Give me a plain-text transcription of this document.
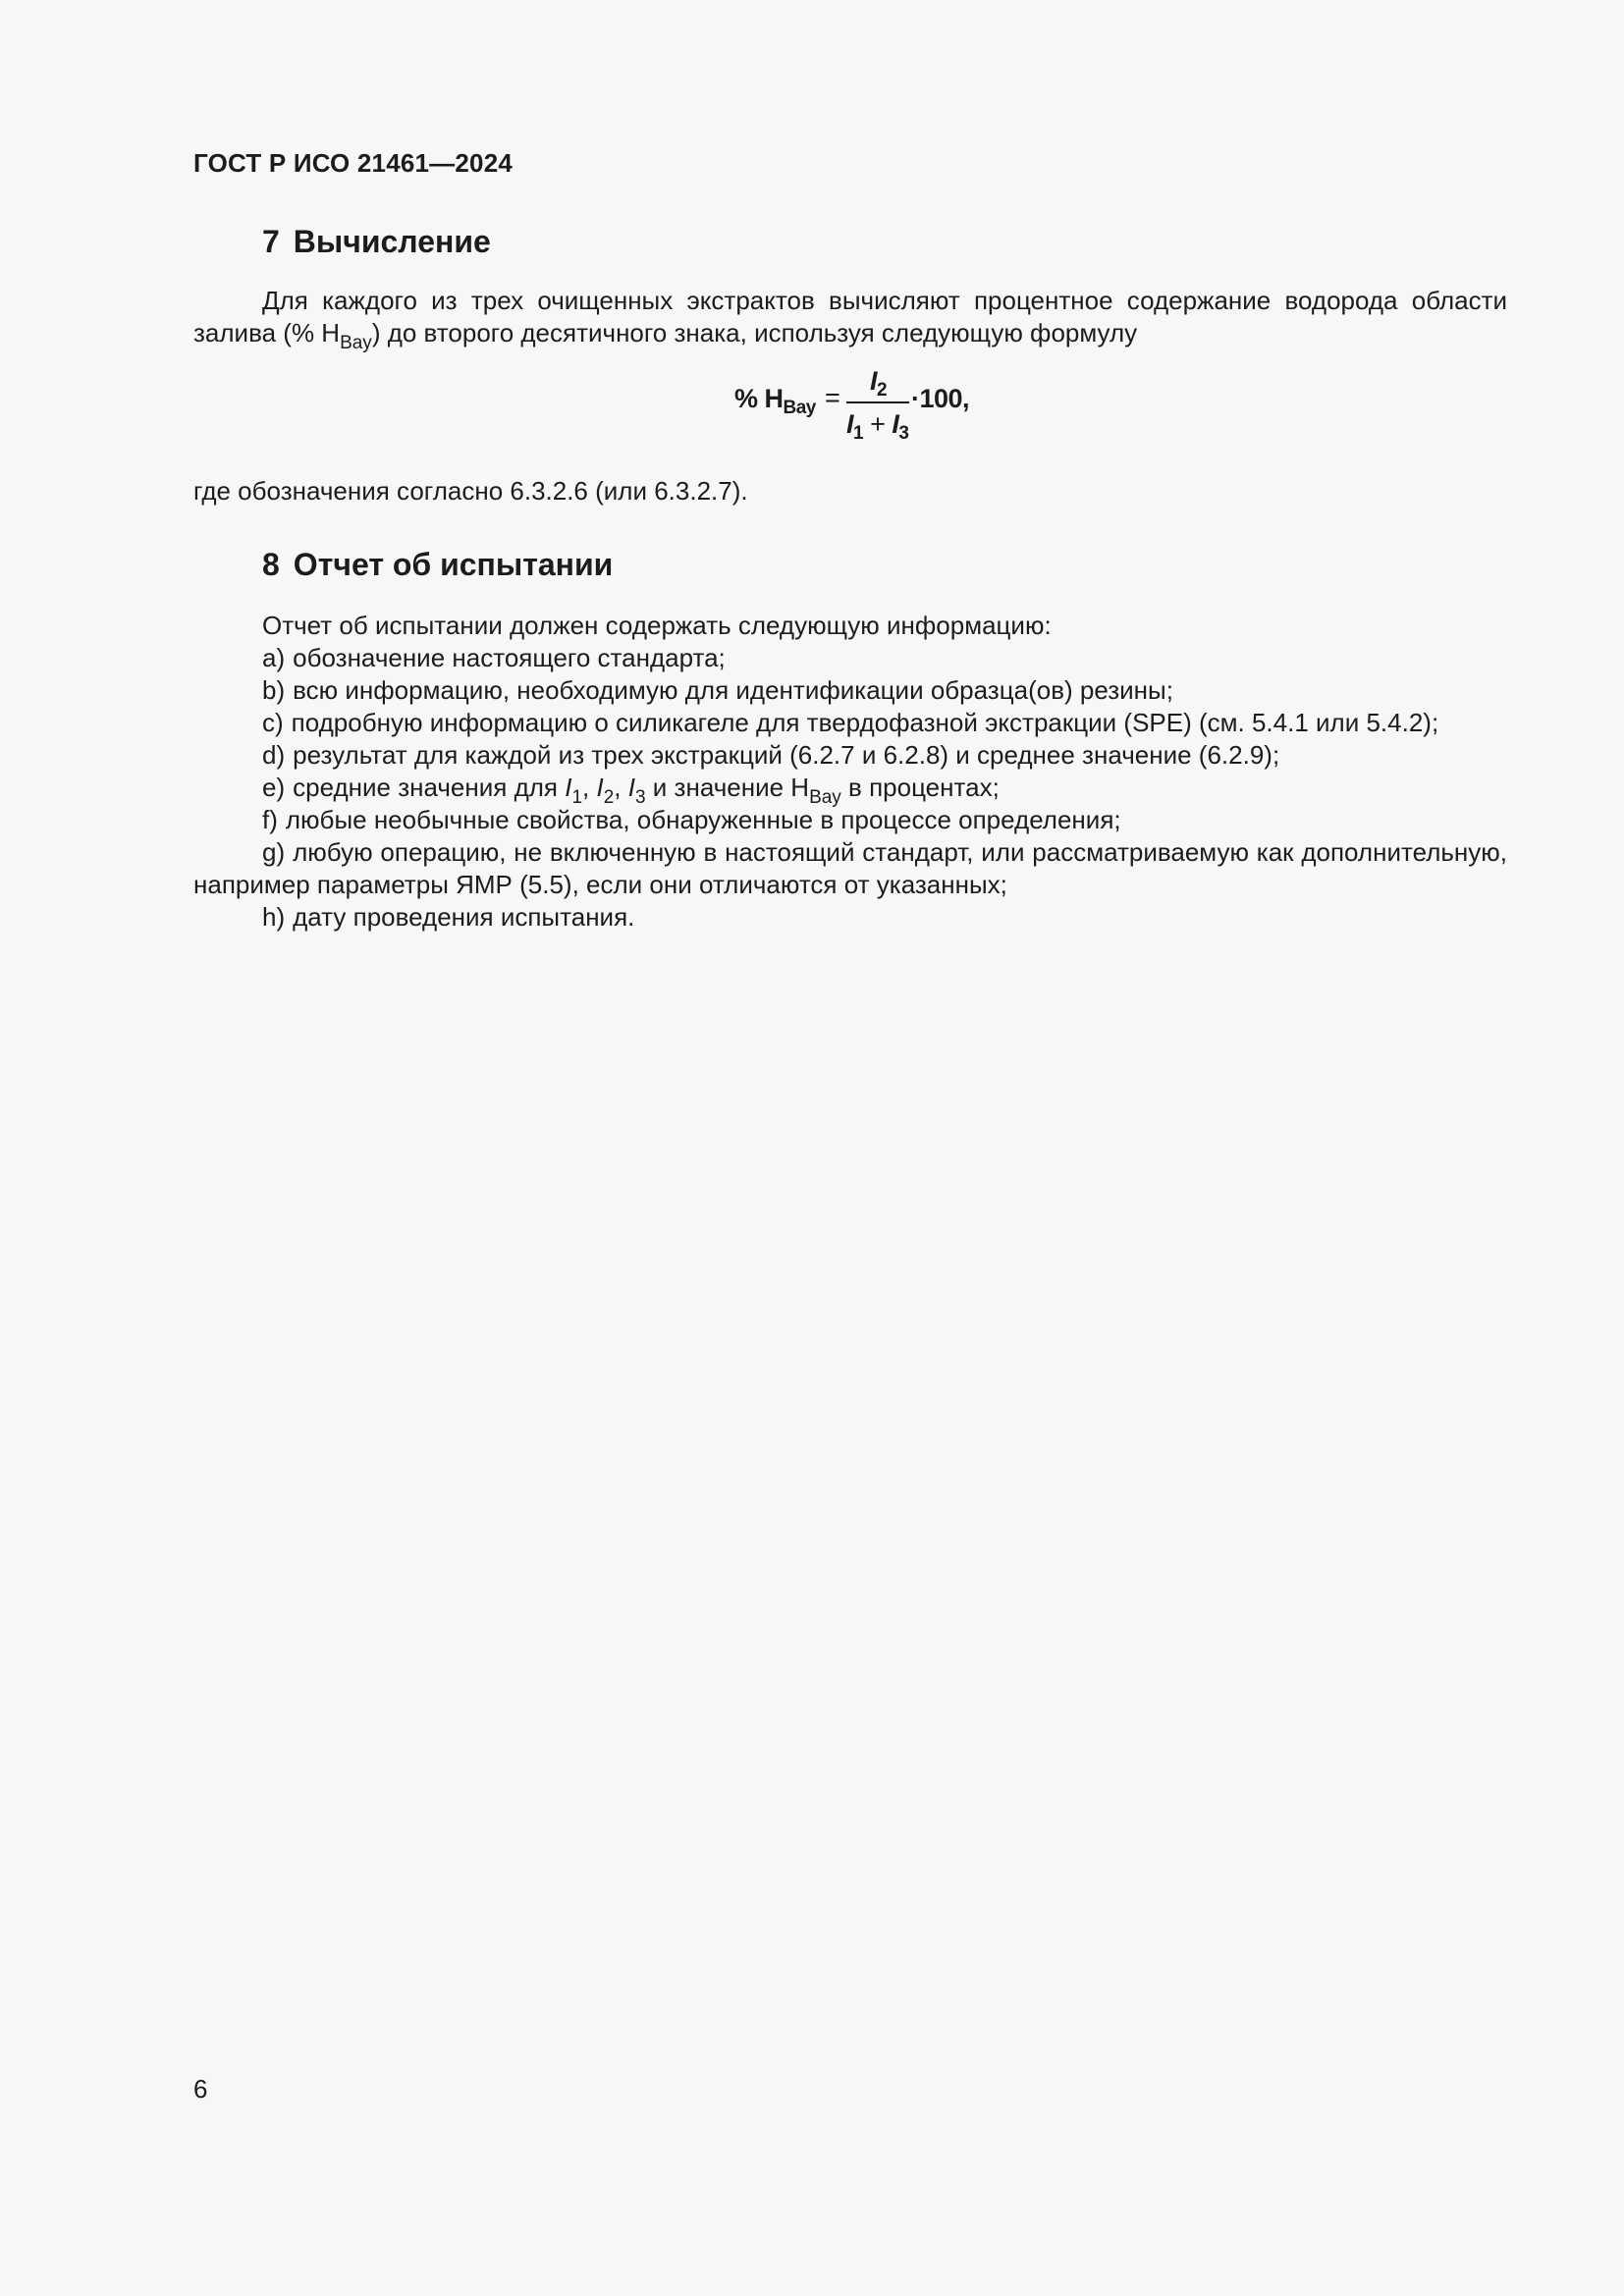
ГОСТ Р ИСО 21461—2024
7 Вычисление

Для каждого из трех очищенных экстрактов вычисляют процентное содержание водорода области залива (% $H_{Bay}$) до второго десятичного знака, используя следующую формулу

% $H_{Bay}$ =
$I_2$
$I_1 + I_3$
·100,

где обозначения согласно 6.3.2.6 (или 6.3.2.7).

8 Отчет об испытании
Отчет об испытании должен содержать следующую информацию:
a) обозначение настоящего стандарта;
b) всю информацию, необходимую для идентификации образца(ов) резины;
c) подробную информацию о силикагеле для твердофазной экстракции (SPE) (см. 5.4.1 или 5.4.2);
d) результат для каждой из трех экстракций (6.2.7 и 6.2.8) и среднее значение (6.2.9);
e) средние значения для $I_1$, $I_2$, $I_3$ и значение $H_{Bay}$ в процентах;
f) любые необычные свойства, обнаруженные в процессе определения;
g) любую операцию, не включенную в настоящий стандарт, или рассматриваемую как дополнительную, например параметры ЯМР (5.5), если они отличаются от указанных;
h) дату проведения испытания.
6
